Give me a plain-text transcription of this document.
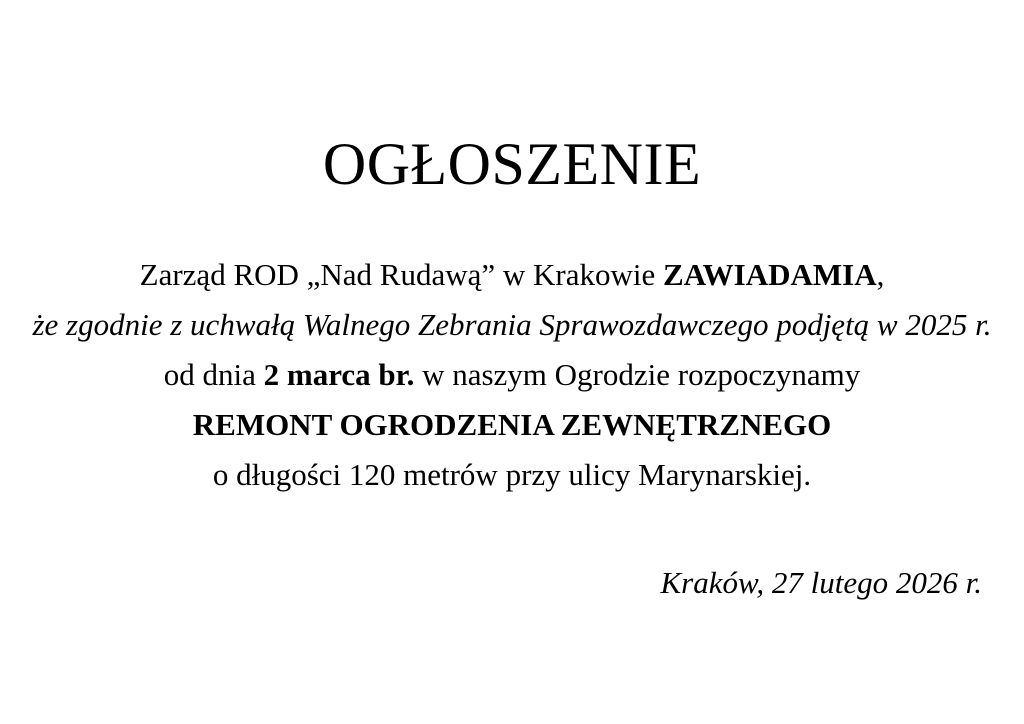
OGŁOSZENIE

Zarząd ROD „Nad Rudawą” w Krakowie ZAWIADAMIA,

że zgodnie z uchwałą Walnego Zebrania Sprawozdawczego podjętą w 2025 r.

od dnia 2 marca br. w naszym Ogrodzie rozpoczynamy

REMONT OGRODZENIA ZEWNĘTRZNEGO

o długości 120 metrów przy ulicy Marynarskiej.

Kraków, 27 lutego 2026 r.
